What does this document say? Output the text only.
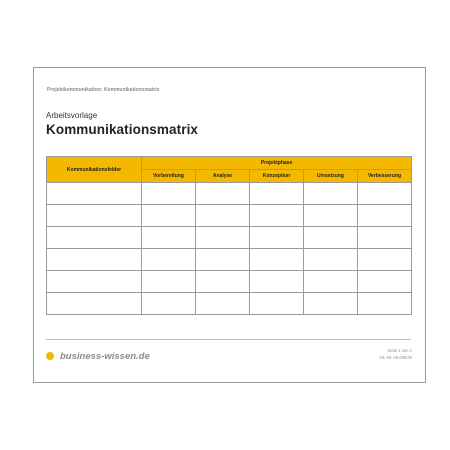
Projektkommunikation: Kommunikationsmatrix
Arbeitsvorlage
Kommunikationsmatrix
Kommunikationsfelder	Projektphase				
	Vorbereitung	Analyse	Konzeption	Umsetzung	Verbesserung

business-wissen.de	Seite 1 von 1
Art.-Nr. 06.008.00
